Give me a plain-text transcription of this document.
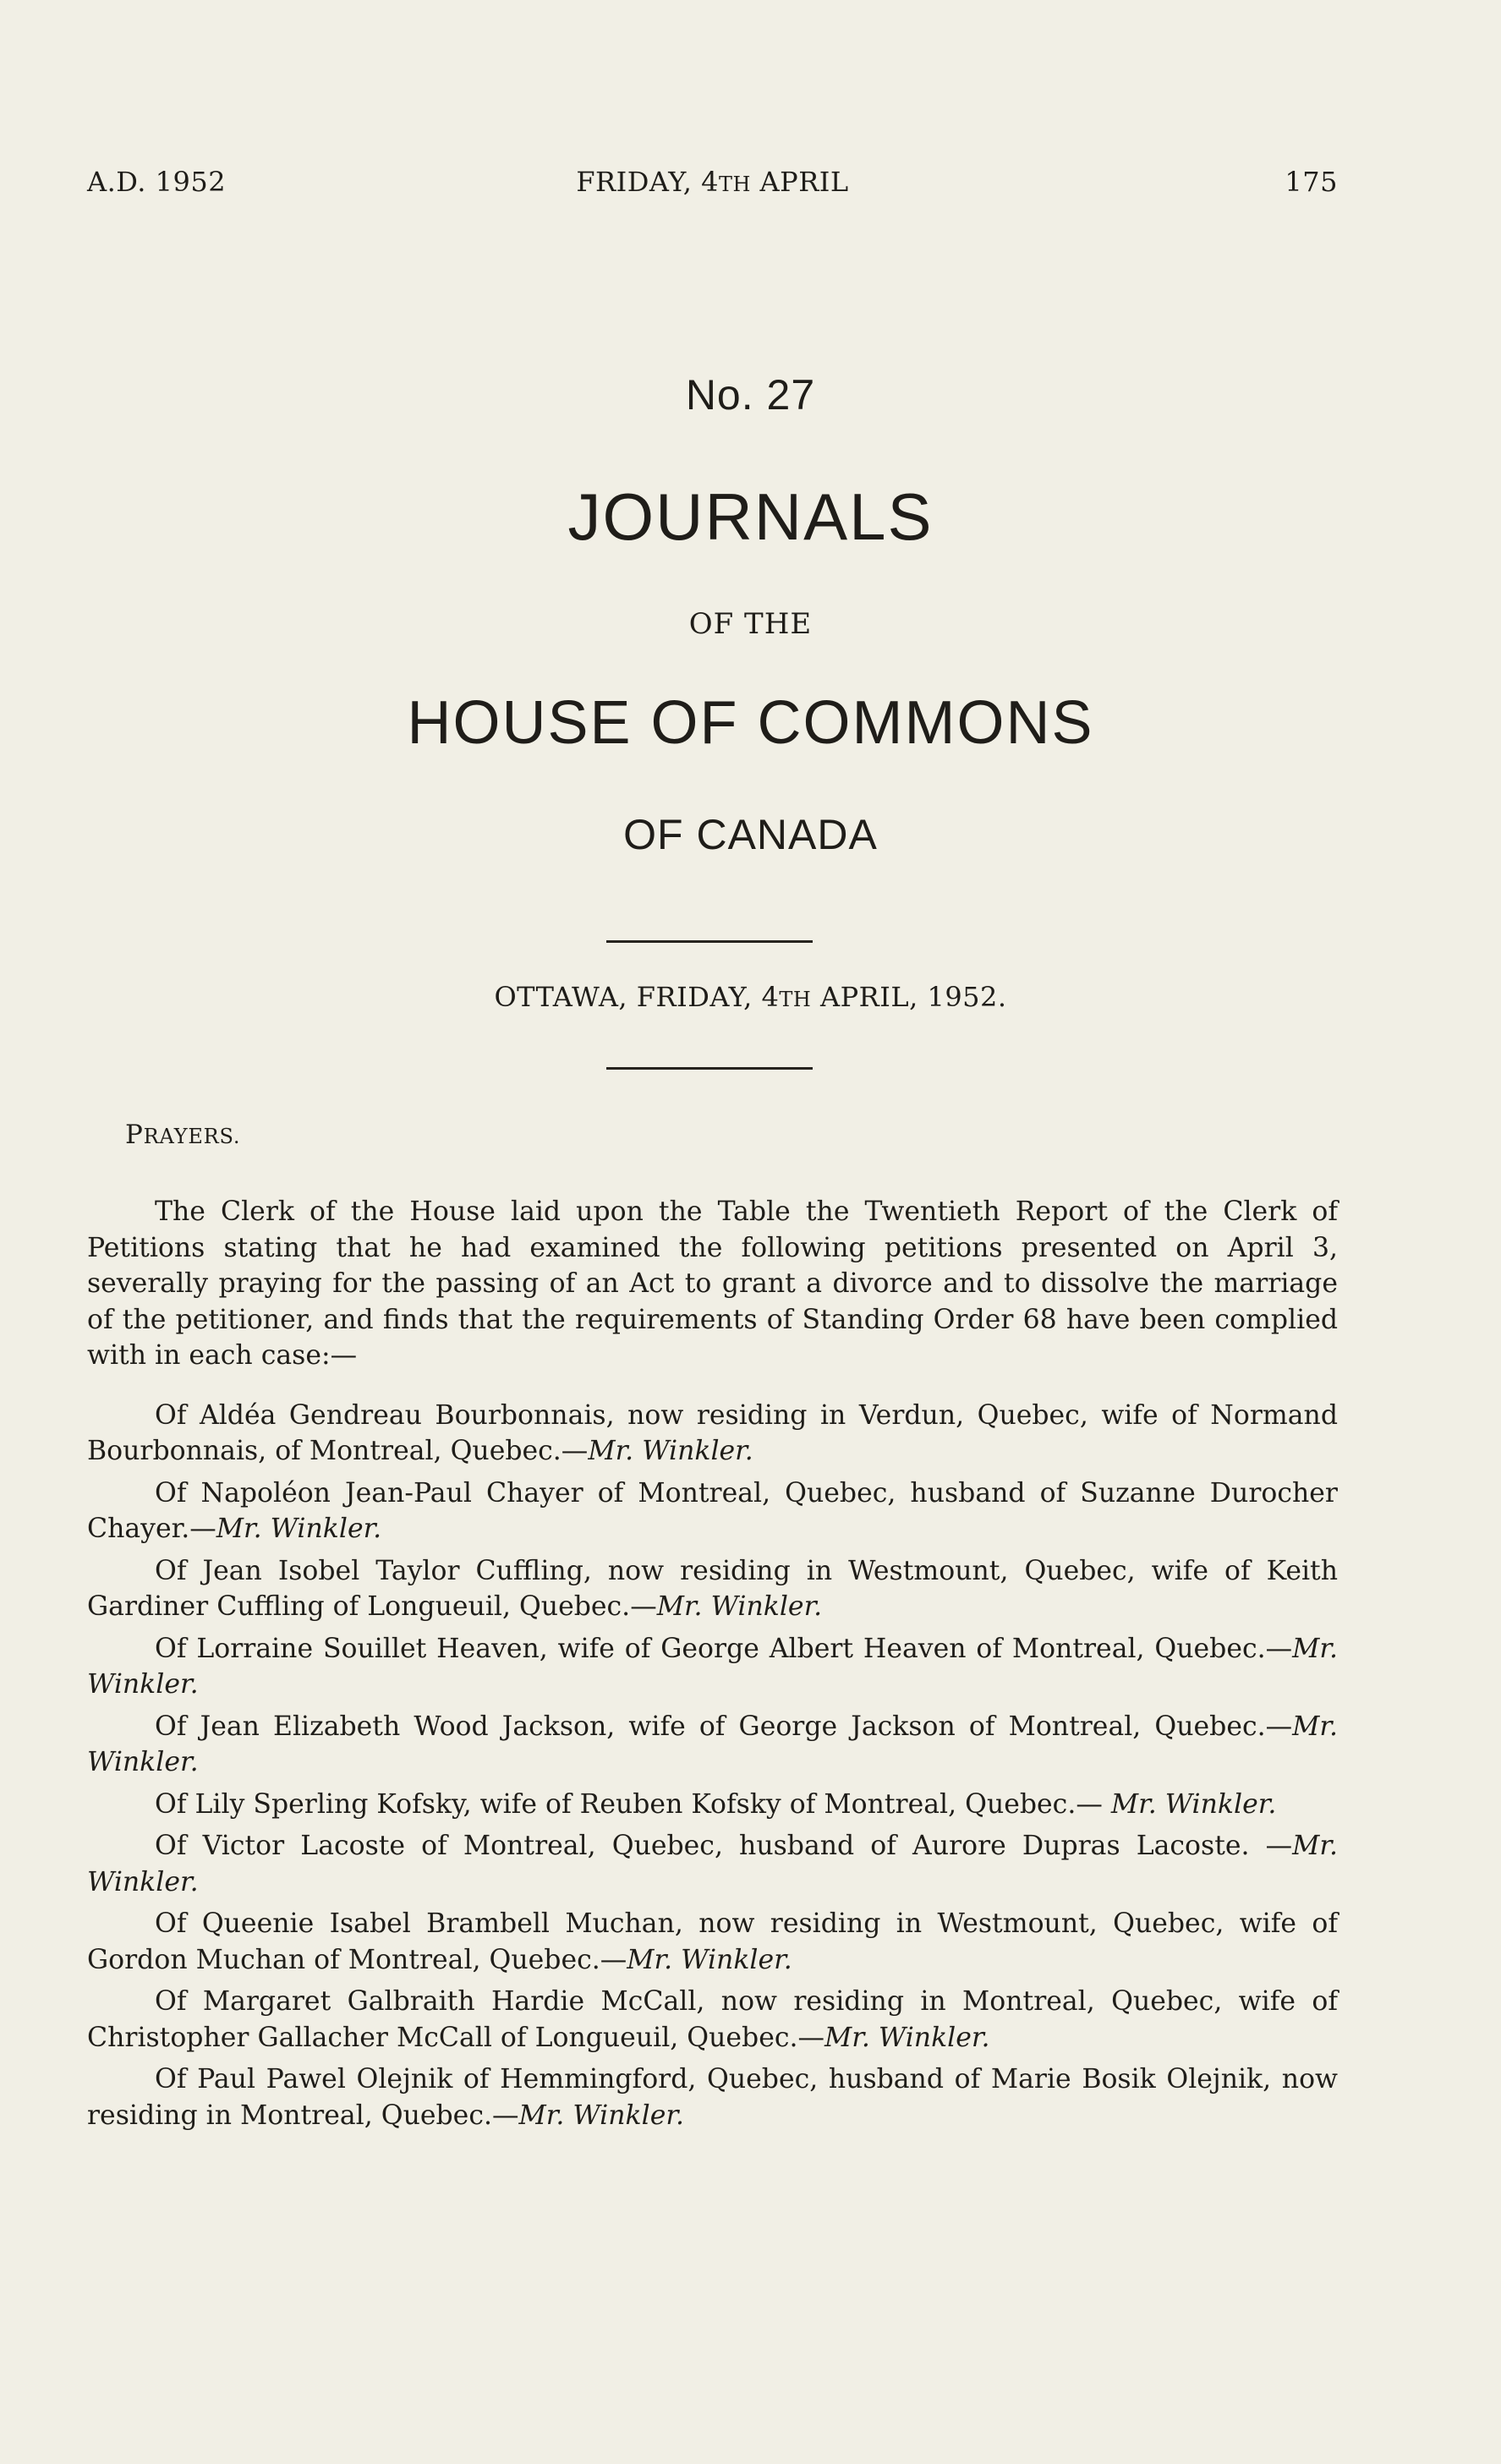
A.D. 1952	FRIDAY, 4TH APRIL	175
No. 27
JOURNALS
OF THE
HOUSE OF COMMONS
OF CANADA
OTTAWA, FRIDAY, 4TH APRIL, 1952.
PRAYERS.

The Clerk of the House laid upon the Table the Twentieth Report of the Clerk of Petitions stating that he had examined the following petitions presented on April 3, severally praying for the passing of an Act to grant a divorce and to dissolve the marriage of the petitioner, and finds that the requirements of Standing Order 68 have been complied with in each case:—

Of Aldéa Gendreau Bourbonnais, now residing in Verdun, Quebec, wife of Normand Bourbonnais, of Montreal, Quebec.—Mr. Winkler.

Of Napoléon Jean-Paul Chayer of Montreal, Quebec, husband of Suzanne Durocher Chayer.—Mr. Winkler.

Of Jean Isobel Taylor Cuffling, now residing in Westmount, Quebec, wife of Keith Gardiner Cuffling of Longueuil, Quebec.—Mr. Winkler.

Of Lorraine Souillet Heaven, wife of George Albert Heaven of Montreal, Quebec.—Mr. Winkler.

Of Jean Elizabeth Wood Jackson, wife of George Jackson of Montreal, Quebec.—Mr. Winkler.

Of Lily Sperling Kofsky, wife of Reuben Kofsky of Montreal, Quebec.— Mr. Winkler.

Of Victor Lacoste of Montreal, Quebec, husband of Aurore Dupras Lacoste. —Mr. Winkler.

Of Queenie Isabel Brambell Muchan, now residing in Westmount, Quebec, wife of Gordon Muchan of Montreal, Quebec.—Mr. Winkler.

Of Margaret Galbraith Hardie McCall, now residing in Montreal, Quebec, wife of Christopher Gallacher McCall of Longueuil, Quebec.—Mr. Winkler.

Of Paul Pawel Olejnik of Hemmingford, Quebec, husband of Marie Bosik Olejnik, now residing in Montreal, Quebec.—Mr. Winkler.
